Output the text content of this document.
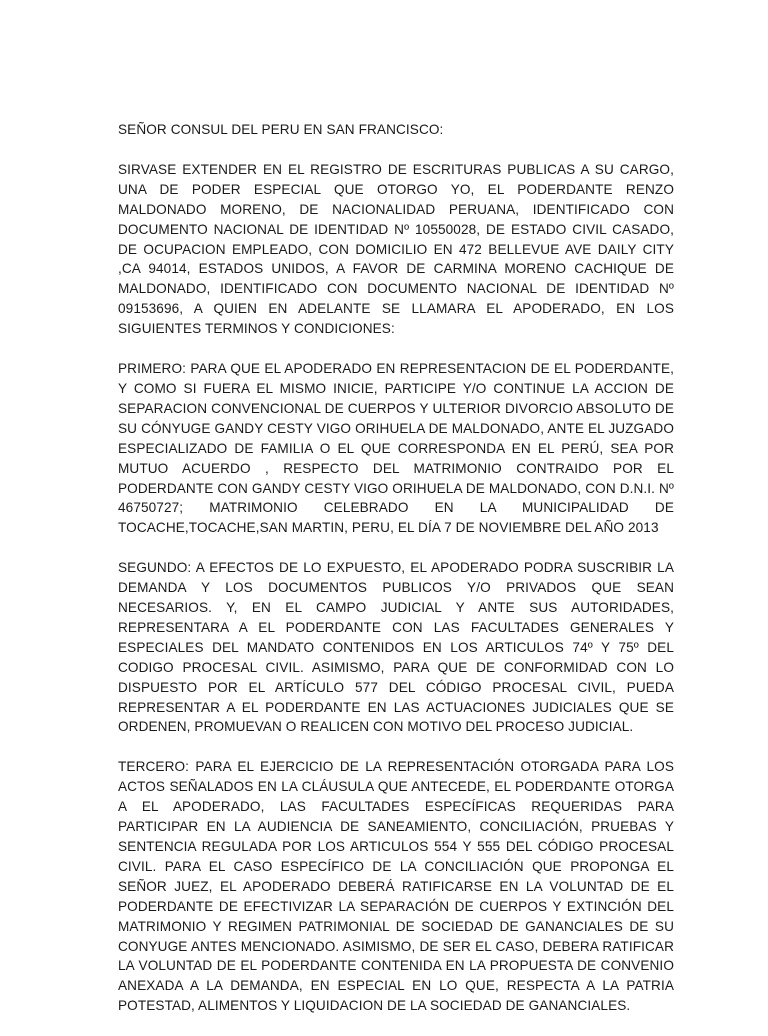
SEÑOR CONSUL DEL PERU EN SAN FRANCISCO:

SIRVASE EXTENDER EN EL REGISTRO DE ESCRITURAS PUBLICAS A SU CARGO, UNA DE PODER ESPECIAL QUE OTORGO YO, EL PODERDANTE RENZO MALDONADO MORENO, DE NACIONALIDAD PERUANA, IDENTIFICADO CON DOCUMENTO NACIONAL DE IDENTIDAD Nº 10550028, DE ESTADO CIVIL CASADO, DE OCUPACION EMPLEADO, CON DOMICILIO EN 472 BELLEVUE AVE DAILY CITY ,CA 94014, ESTADOS UNIDOS, A FAVOR DE CARMINA MORENO CACHIQUE DE MALDONADO, IDENTIFICADO CON DOCUMENTO NACIONAL DE IDENTIDAD Nº 09153696, A QUIEN EN ADELANTE SE LLAMARA EL APODERADO, EN LOS SIGUIENTES TERMINOS Y CONDICIONES:

PRIMERO: PARA QUE EL APODERADO EN REPRESENTACION DE EL PODERDANTE, Y COMO SI FUERA EL MISMO INICIE, PARTICIPE Y/O CONTINUE LA ACCION DE SEPARACION CONVENCIONAL DE CUERPOS Y ULTERIOR DIVORCIO ABSOLUTO DE SU CÓNYUGE GANDY CESTY VIGO ORIHUELA DE MALDONADO, ANTE EL JUZGADO ESPECIALIZADO DE FAMILIA O EL QUE CORRESPONDA EN EL PERÚ, SEA POR MUTUO ACUERDO , RESPECTO DEL MATRIMONIO CONTRAIDO POR EL PODERDANTE CON GANDY CESTY VIGO ORIHUELA DE MALDONADO, CON D.N.I. Nº 46750727; MATRIMONIO CELEBRADO EN LA MUNICIPALIDAD DE TOCACHE,TOCACHE,SAN MARTIN, PERU, EL DÍA 7 DE NOVIEMBRE DEL AÑO 2013

SEGUNDO: A EFECTOS DE LO EXPUESTO, EL APODERADO PODRA SUSCRIBIR LA DEMANDA Y LOS DOCUMENTOS PUBLICOS Y/O PRIVADOS QUE SEAN NECESARIOS. Y, EN EL CAMPO JUDICIAL Y ANTE SUS AUTORIDADES, REPRESENTARA A EL PODERDANTE CON LAS FACULTADES GENERALES Y ESPECIALES DEL MANDATO CONTENIDOS EN LOS ARTICULOS 74º Y 75º DEL CODIGO PROCESAL CIVIL. ASIMISMO, PARA QUE DE CONFORMIDAD CON LO DISPUESTO POR EL ARTÍCULO 577 DEL CÓDIGO PROCESAL CIVIL, PUEDA REPRESENTAR A EL PODERDANTE EN LAS ACTUACIONES JUDICIALES QUE SE ORDENEN, PROMUEVAN O REALICEN CON MOTIVO DEL PROCESO JUDICIAL.

TERCERO: PARA EL EJERCICIO DE LA REPRESENTACIÓN OTORGADA PARA LOS ACTOS SEÑALADOS EN LA CLÁUSULA QUE ANTECEDE, EL PODERDANTE OTORGA A EL APODERADO, LAS FACULTADES ESPECÍFICAS REQUERIDAS PARA PARTICIPAR EN LA AUDIENCIA DE SANEAMIENTO, CONCILIACIÓN, PRUEBAS Y SENTENCIA REGULADA POR LOS ARTICULOS 554 Y 555 DEL CÓDIGO PROCESAL CIVIL. PARA EL CASO ESPECÍFICO DE LA CONCILIACIÓN QUE PROPONGA EL SEÑOR JUEZ, EL APODERADO DEBERÁ RATIFICARSE EN LA VOLUNTAD DE EL PODERDANTE DE EFECTIVIZAR LA SEPARACIÓN DE CUERPOS Y EXTINCIÓN DEL MATRIMONIO Y REGIMEN PATRIMONIAL DE SOCIEDAD DE GANANCIALES DE SU CONYUGE ANTES MENCIONADO. ASIMISMO, DE SER EL CASO, DEBERA RATIFICAR LA VOLUNTAD DE EL PODERDANTE CONTENIDA EN LA PROPUESTA DE CONVENIO ANEXADA A LA DEMANDA, EN ESPECIAL EN LO QUE, RESPECTA A LA PATRIA POTESTAD, ALIMENTOS Y LIQUIDACION DE LA SOCIEDAD DE GANANCIALES.
